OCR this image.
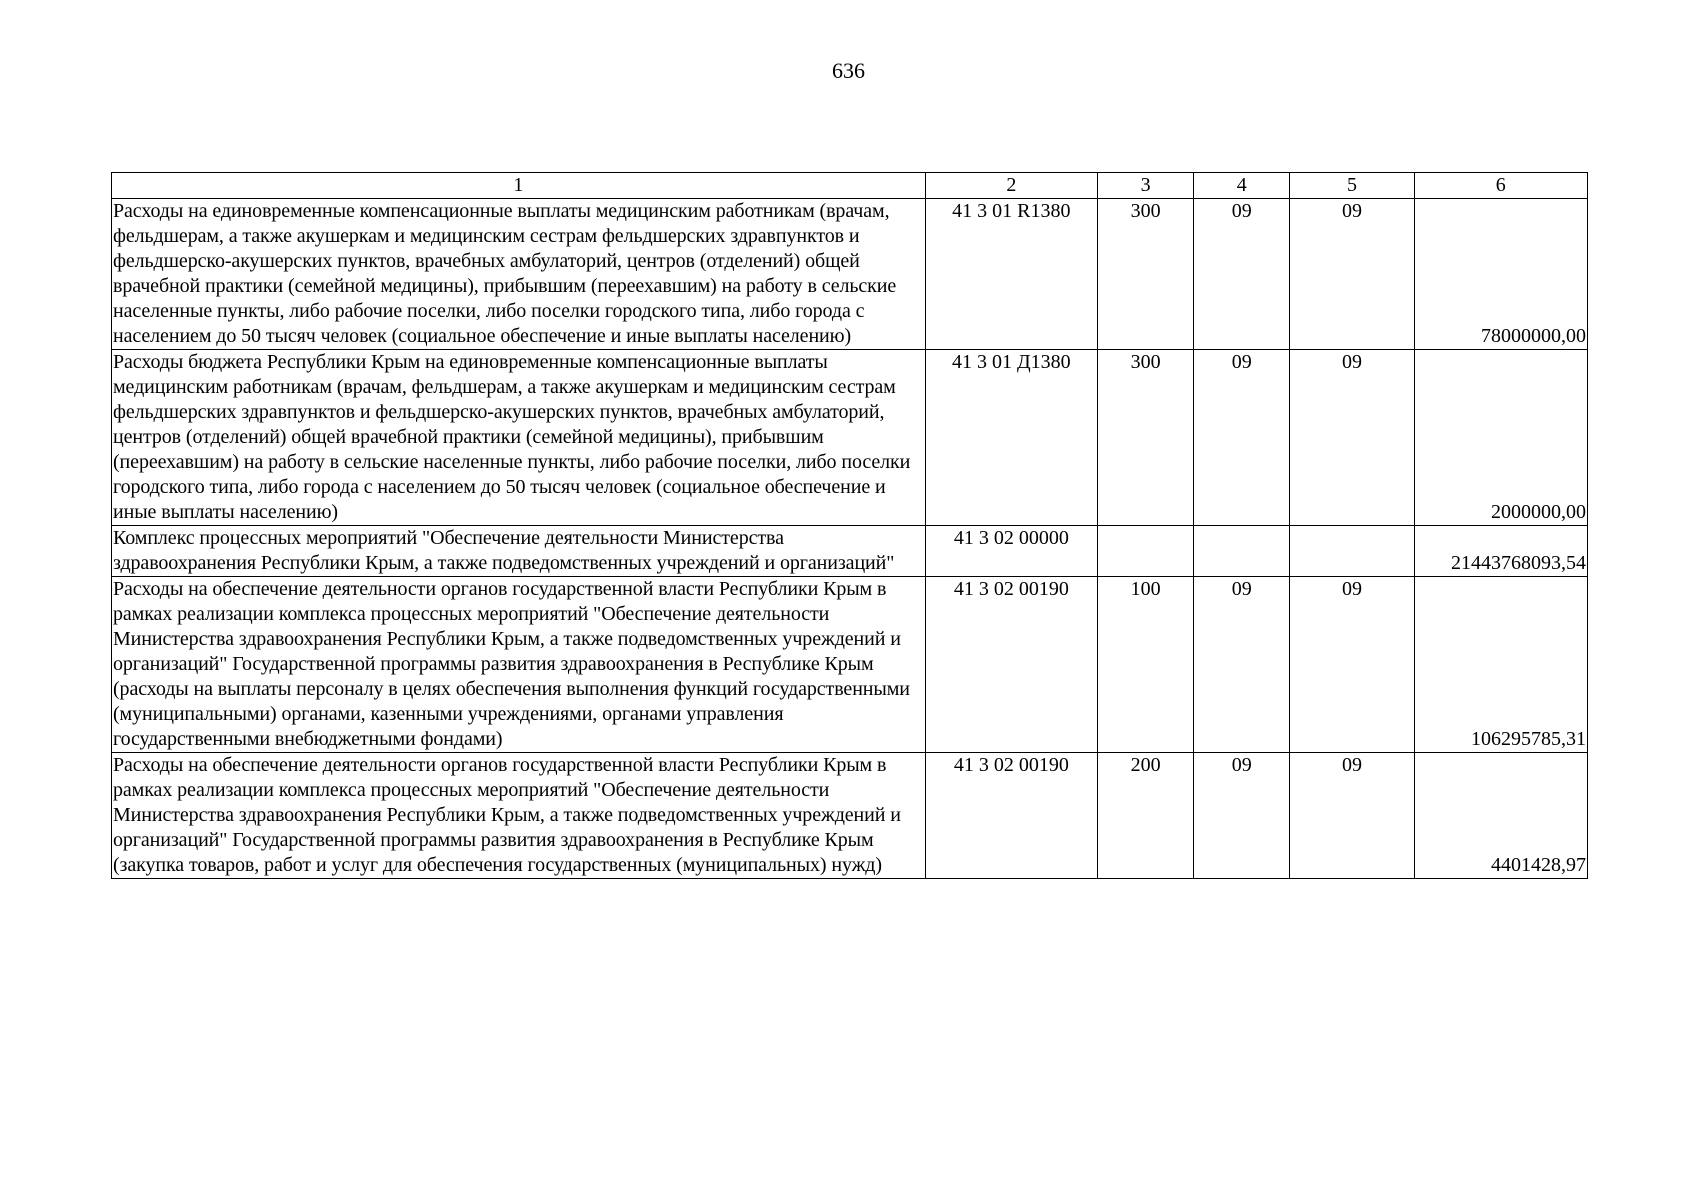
636
1	2	3	4	5	6
Расходы на единовременные компенсационные выплаты медицинским работникам (врачам, фельдшерам, а также акушеркам и медицинским сестрам фельдшерских здравпунктов и фельдшерско-акушерских пунктов, врачебных амбулаторий, центров (отделений) общей врачебной практики (семейной медицины), прибывшим (переехавшим) на работу в сельские населенные пункты, либо рабочие поселки, либо поселки городского типа, либо города с населением до 50 тысяч человек (социальное обеспечение и иные выплаты населению)	41 3 01 R1380	300	09	09	78000000,00
Расходы бюджета Республики Крым на единовременные компенсационные выплаты медицинским работникам (врачам, фельдшерам, а также акушеркам и медицинским сестрам фельдшерских здравпунктов и фельдшерско-акушерских пунктов, врачебных амбулаторий, центров (отделений) общей врачебной практики (семейной медицины), прибывшим (переехавшим) на работу в сельские населенные пункты, либо рабочие поселки, либо поселки городского типа, либо города с населением до 50 тысяч человек (социальное обеспечение и иные выплаты населению)	41 3 01 Д1380	300	09	09	2000000,00
Комплекс процессных мероприятий "Обеспечение деятельности Министерства здравоохранения Республики Крым, а также подведомственных учреждений и организаций"	41 3 02 00000				21443768093,54
Расходы на обеспечение деятельности органов государственной власти Республики Крым в рамках реализации комплекса процессных мероприятий "Обеспечение деятельности Министерства здравоохранения Республики Крым, а также подведомственных учреждений и организаций" Государственной программы развития здравоохранения в Республике Крым (расходы на выплаты персоналу в целях обеспечения выполнения функций государственными (муниципальными) органами, казенными учреждениями, органами управления государственными внебюджетными фондами)	41 3 02 00190	100	09	09	106295785,31
Расходы на обеспечение деятельности органов государственной власти Республики Крым в рамках реализации комплекса процессных мероприятий "Обеспечение деятельности Министерства здравоохранения Республики Крым, а также подведомственных учреждений и организаций" Государственной программы развития здравоохранения в Республике Крым (закупка товаров, работ и услуг для обеспечения государственных (муниципальных) нужд)	41 3 02 00190	200	09	09	4401428,97
